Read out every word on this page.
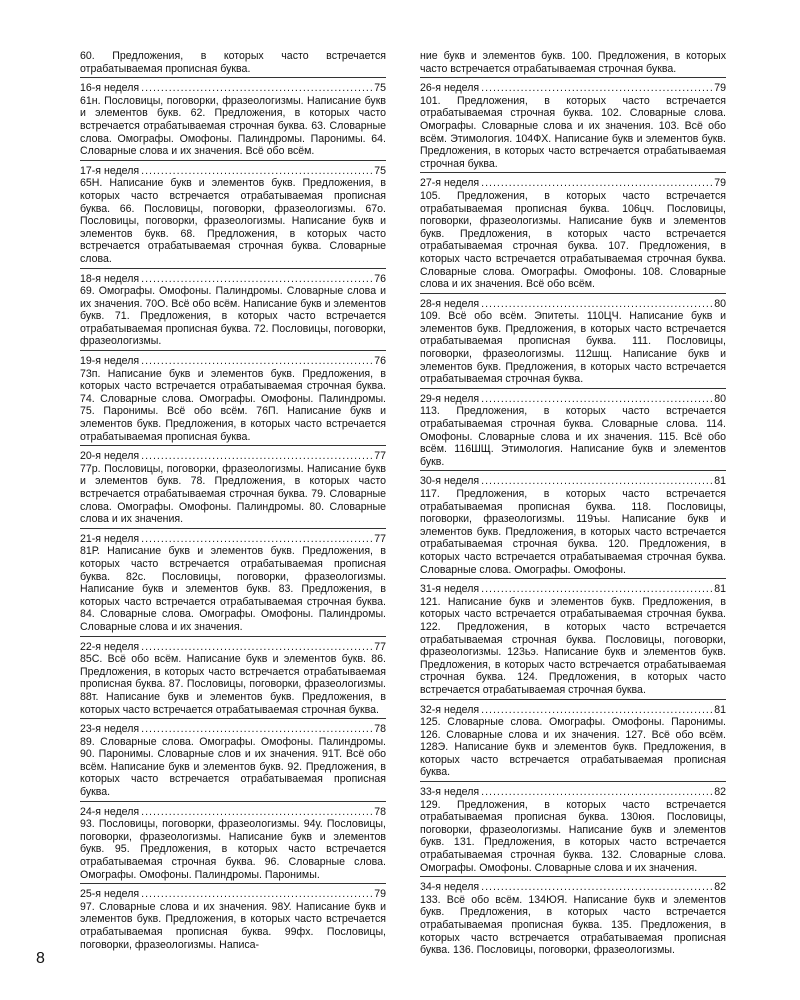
60. Предложения, в которых часто встречается отрабатываемая прописная буква.
16-я неделя .....	75
61н. Пословицы, поговорки, фразеологизмы. Написание букв и элементов букв. 62. Предложения, в которых часто встречается отрабатываемая строчная буква. 63. Словарные слова. Омографы. Омофоны. Палиндромы. Паронимы. 64. Словарные слова и их значения. Всё обо всём.
17-я неделя .....	75
65Н. Написание букв и элементов букв. Предложения, в которых часто встречается отрабатываемая прописная буква. 66. Пословицы, поговорки, фразеологизмы. 67о. Пословицы, поговорки, фразеологизмы. Написание букв и элементов букв. 68. Предложения, в которых часто встречается отрабатываемая строчная буква. Словарные слова.
18-я неделя .....	76
69. Омографы. Омофоны. Палиндромы. Словарные слова и их значения. 70О. Всё обо всём. Написание букв и элементов букв. 71. Предложения, в которых часто встречается отрабатываемая прописная буква. 72. Пословицы, поговорки, фразеологизмы.
19-я неделя .....	76
73п. Написание букв и элементов букв. Предложения, в которых часто встречается отрабатываемая строчная буква. 74. Словарные слова. Омографы. Омофоны. Палиндромы. 75. Паронимы. Всё обо всём. 76П. Написание букв и элементов букв. Предложения, в которых часто встречается отрабатываемая прописная буква.
20-я неделя .....	77
77р. Пословицы, поговорки, фразеологизмы. Написание букв и элементов букв. 78. Предложения, в которых часто встречается отрабатываемая строчная буква. 79. Словарные слова. Омографы. Омофоны. Палиндромы. 80. Словарные слова и их значения.
21-я неделя .....	77
81Р. Написание букв и элементов букв. Предложения, в которых часто встречается отрабатываемая прописная буква. 82с. Пословицы, поговорки, фразеологизмы. Написание букв и элементов букв. 83. Предложения, в которых часто встречается отрабатываемая строчная буква. 84. Словарные слова. Омографы. Омофоны. Палиндромы. Словарные слова и их значения.
22-я неделя .....	77
85С. Всё обо всём. Написание букв и элементов букв. 86. Предложения, в которых часто встречается отрабатываемая прописная буква. 87. Пословицы, поговорки, фразеологизмы. 88т. Написание букв и элементов букв. Предложения, в которых часто встречается отрабатываемая строчная буква.
23-я неделя .....	78
89. Словарные слова. Омографы. Омофоны. Палиндромы. 90. Паронимы. Словарные слов и их значения. 91Т. Всё обо всём. Написание букв и элементов букв. 92. Предложения, в которых часто встречается отрабатываемая прописная буква.
24-я неделя .....	78
93. Пословицы, поговорки, фразеологизмы. 94у. Пословицы, поговорки, фразеологизмы. Написание букв и элементов букв. 95. Предложения, в которых часто встречается отрабатываемая строчная буква. 96. Словарные слова. Омографы. Омофоны. Палиндромы. Паронимы.
25-я неделя .....	79
97. Словарные слова и их значения. 98У. Написание букв и элементов букв. Предложения, в которых часто встречается отрабатываемая прописная буква. 99фх. Пословицы, поговорки, фразеологизмы. Написа-
ние букв и элементов букв. 100. Предложения, в которых часто встречается отрабатываемая строчная буква.
26-я неделя .....	79
101. Предложения, в которых часто встречается отрабатываемая строчная буква. 102. Словарные слова. Омографы. Словарные слова и их значения. 103. Всё обо всём. Этимология. 104ФХ. Написание букв и элементов букв. Предложения, в которых часто встречается отрабатываемая строчная буква.
27-я неделя .....	79
105. Предложения, в которых часто встречается отрабатываемая прописная буква. 106цч. Пословицы, поговорки, фразеологизмы. Написание букв и элементов букв. Предложения, в которых часто встречается отрабатываемая строчная буква. 107. Предложения, в которых часто встречается отрабатываемая строчная буква. Словарные слова. Омографы. Омофоны. 108. Словарные слова и их значения. Всё обо всём.
28-я неделя .....	80
109. Всё обо всём. Эпитеты. 110ЦЧ. Написание букв и элементов букв. Предложения, в которых часто встречается отрабатываемая прописная буква. 111. Пословицы, поговорки, фразеологизмы. 112шщ. Написание букв и элементов букв. Предложения, в которых часто встречается отрабатываемая строчная буква.
29-я неделя .....	80
113. Предложения, в которых часто встречается отрабатываемая строчная буква. Словарные слова. 114. Омофоны. Словарные слова и их значения. 115. Всё обо всём. 116ШЩ. Этимология. Написание букв и элементов букв.
30-я неделя .....	81
117. Предложения, в которых часто встречается отрабатываемая прописная буква. 118. Пословицы, поговорки, фразеологизмы. 119ъы. Написание букв и элементов букв. Предложения, в которых часто встречается отрабатываемая строчная буква. 120. Предложения, в которых часто встречается отрабатываемая строчная буква. Словарные слова. Омографы. Омофоны.
31-я неделя .....	81
121. Написание букв и элементов букв. Предложения, в которых часто встречается отрабатываемая строчная буква. 122. Предложения, в которых часто встречается отрабатываемая строчная буква. Пословицы, поговорки, фразеологизмы. 123ьэ. Написание букв и элементов букв. Предложения, в которых часто встречается отрабатываемая строчная буква. 124. Предложения, в которых часто встречается отрабатываемая строчная буква.
32-я неделя .....	81
125. Словарные слова. Омографы. Омофоны. Паронимы. 126. Словарные слова и их значения. 127. Всё обо всём. 128Э. Написание букв и элементов букв. Предложения, в которых часто встречается отрабатываемая прописная буква.
33-я неделя .....	82
129. Предложения, в которых часто встречается отрабатываемая прописная буква. 130юя. Пословицы, поговорки, фразеологизмы. Написание букв и элементов букв. 131. Предложения, в которых часто встречается отрабатываемая строчная буква. 132. Словарные слова. Омографы. Омофоны. Словарные слова и их значения.
34-я неделя .....	82
133. Всё обо всём. 134ЮЯ. Написание букв и элементов букв. Предложения, в которых часто встречается отрабатываемая прописная буква. 135. Предложения, в которых часто встречается отрабатываемая прописная буква. 136. Пословицы, поговорки, фразеологизмы.
8
